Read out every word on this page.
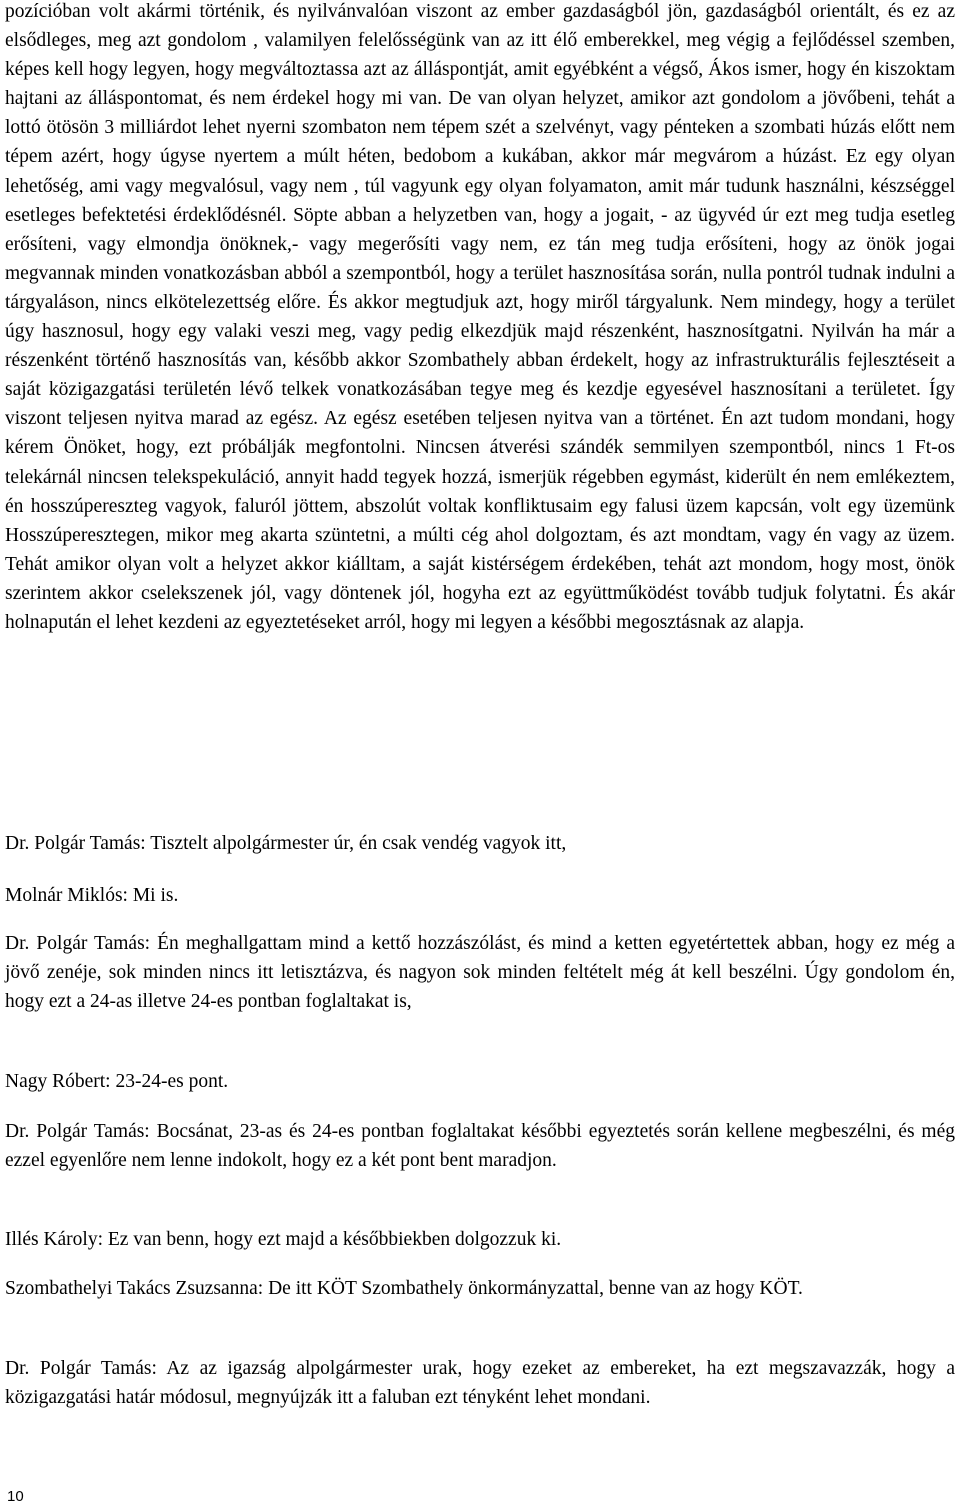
pozícióban volt akármi történik, és nyilvánvalóan viszont az ember gazdaságból jön, gazdaságból orientált, és ez az elsődleges, meg azt gondolom , valamilyen felelősségünk van az itt élő emberekkel, meg végig a fejlődéssel szemben, képes kell hogy legyen, hogy megváltoztassa azt az álláspontját, amit egyébként a végső, Ákos ismer, hogy én kiszoktam hajtani az álláspontomat, és nem érdekel hogy mi van. De van olyan helyzet, amikor azt gondolom a jövőbeni, tehát a lottó ötösön 3 milliárdot lehet nyerni szombaton nem tépem szét a szelvényt, vagy pénteken a szombati húzás előtt nem tépem azért, hogy úgyse nyertem a múlt héten, bedobom a kukában, akkor már megvárom a húzást. Ez egy olyan lehetőség, ami vagy megvalósul, vagy nem , túl vagyunk egy olyan folyamaton, amit már tudunk használni, készséggel esetleges befektetési érdeklődésnél. Söpte abban a helyzetben van, hogy a jogait, - az ügyvéd úr ezt meg tudja esetleg erősíteni, vagy elmondja önöknek,- vagy megerősíti vagy nem, ez tán meg tudja erősíteni, hogy az önök jogai megvannak minden vonatkozásban abból a szempontból, hogy a terület hasznosítása során, nulla pontról tudnak indulni a tárgyaláson, nincs elkötelezettség előre. És akkor megtudjuk azt, hogy miről tárgyalunk. Nem mindegy, hogy a terület úgy hasznosul, hogy egy valaki veszi meg, vagy pedig elkezdjük majd részenként, hasznosítgatni. Nyilván ha már a részenként történő hasznosítás van, később akkor Szombathely abban érdekelt, hogy az infrastrukturális fejlesztéseit a saját közigazgatási területén lévő telkek vonatkozásában tegye meg és kezdje egyesével hasznosítani a területet. Így viszont teljesen nyitva marad az egész. Az egész esetében teljesen nyitva van a történet. Én azt tudom mondani, hogy kérem Önöket, hogy, ezt próbálják megfontolni. Nincsen átverési szándék semmilyen szempontból, nincs 1 Ft-os telekárnál nincsen telekspekuláció, annyit hadd tegyek hozzá, ismerjük régebben egymást, kiderült én nem emlékeztem, én hosszúpereszteg vagyok, faluról jöttem, abszolút voltak konfliktusaim egy falusi üzem kapcsán, volt egy üzemünk Hosszúperesztegen, mikor meg akarta szüntetni, a múlti cég ahol dolgoztam, és azt mondtam, vagy én vagy az üzem. Tehát amikor olyan volt a helyzet akkor kiálltam, a saját kistérségem érdekében, tehát azt mondom, hogy most, önök szerintem akkor cselekszenek jól, vagy döntenek jól, hogyha ezt az együttműködést tovább tudjuk folytatni. És akár holnapután el lehet kezdeni az egyeztetéseket arról, hogy mi legyen a későbbi megosztásnak az alapja.

Dr. Polgár Tamás: Tisztelt alpolgármester úr, én csak vendég vagyok itt,

Molnár Miklós: Mi is.

Dr. Polgár Tamás: Én meghallgattam mind a kettő hozzászólást, és mind a ketten egyetértettek abban, hogy ez még a jövő zenéje, sok minden nincs itt letisztázva, és nagyon sok minden feltételt még át kell beszélni. Úgy gondolom én, hogy ezt a 24-as illetve 24-es pontban foglaltakat is,

Nagy Róbert: 23-24-es pont.

Dr. Polgár Tamás: Bocsánat, 23-as és 24-es pontban foglaltakat későbbi egyeztetés során kellene megbeszélni, és még ezzel egyenlőre nem lenne indokolt, hogy ez a két pont bent maradjon.

Illés Károly: Ez van benn, hogy ezt majd a későbbiekben dolgozzuk ki.

Szombathelyi Takács Zsuzsanna: De itt KÖT Szombathely önkormányzattal, benne van az hogy KÖT.

Dr. Polgár Tamás: Az az igazság alpolgármester urak, hogy ezeket az embereket, ha ezt megszavazzák, hogy a közigazgatási határ módosul, megnyújzák itt a faluban ezt tényként lehet mondani.

10
